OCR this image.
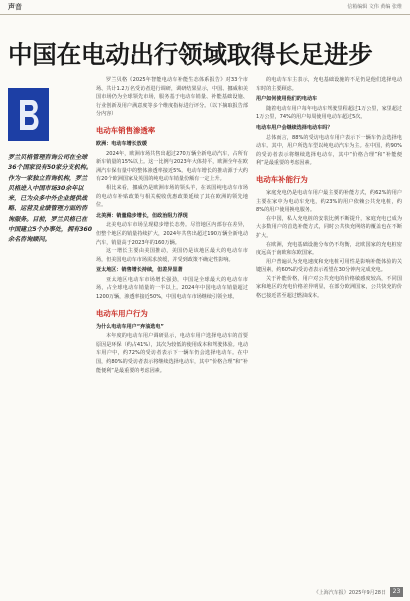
声音	信箱编辑 文伟 黄编 张维
中国在电动出行领域取得长足进步
罗兰贝格管理咨询公司在全球36个国家设有50家分支机构。作为一家独立咨询机构，罗兰贝格进入中国市场30余年以来，已为众多中外企业提供战略、运营及业绩管理方面的咨询服务。目前，罗兰贝格已在中国建立5个办事处，拥有360余名咨询顾问。

罗兰贝格《2025年智能电动车补能生态体系报告》对33个市场、共计1.2万名受访者进行调研，调研结果显示，中国、挪威和美国市场仍为全球领先市场，服务基于电动车销量、补能基础设施、行业创新及用户满意度等多个维度指标进行评分。（以下摘取报告部分内容）

电动车销售渗透率
欧洲：电动车增长放缓

2024年，欧洲市场共售出超过270万辆全新电动汽车，占所有新车销量的15%以上。这一比例与2023年大体持平，欧洲全年在欧洲汽车保有量中的整体渗透率接近5%。电动车增长的推动源于大约有20个欧洲国家及英国的纯电动车销量份额有一定上升。

相比来看，挪威仍是欧洲市场的领头羊，在该国纯电动车市场的电动车补贴政策与相关税收优惠政策延续了其在欧洲的领先地位。

北美洲：销量稳步增长，但政治阻力浮现

北美电动车市场呈现稳步增长态势。尽管地区内部存在差异，但整个地区的销量持续扩大，2024年共售出超过190万辆全新电动汽车，销量高于2023年的160万辆。

这一增长主要由美国推动，美国仍是该地区最大的电动车市场，但美国电动车市场需求放缓，并受到政策不确定性影响。

亚太地区：销售增长持续，但差异显著

亚太地区电动车市场增长强劲，中国是全球最大的电动车市场，占全球电动车销量的一半以上。2024年中国电动车销量超过1200万辆，渗透率接近50%，中国电动车市场继续引领全球。

电动车用户行为
为什么电动车用户“弃油选电”

本年度的电动车用户调研显示，电动车用户选择电动车的首要原因是环保（约占41%），其次为较低的使用成本和驾驶体验。电动车用户中，约72%的受访者表示下一辆车仍会选择电动车。在中国，约80%的受访者表示将继续选择电动车，其中“价格合理”和“补能便利”是最重要的考虑因素。

的电动车车主表示，充电基础设施的不足仍是他们选择电动车时的主要顾虑。

用户如何使用他们的电动车

随着电动车用户每年电动车驾驶里程超过1万公里，家里超过1万公里，74%的用户每周使用电动车超过5次。

电动车用户会继续选择电动车吗？

总体而言，88%的受访电动车用户表示下一辆车仍会选择电动车。其中，用户所选车型以纯电动汽车为主。在中国，约90%的受访者表示将继续选择电动车，其中“价格合理”和“补能便利”是最重要的考虑因素。

电动车补能行为

家庭充电仍是电动车用户最主要的补能方式，约62%的用户主要在家中为电动车充电，约23%的用户依赖公共充电桩，约8%的用户使用换电服务。

在中国，私人充电桩的安装比例不断提升，家庭充电已成为大多数用户的首选补能方式，同时公共快充网络的覆盖也在不断扩大。

在欧洲，充电基础设施分布仍不均衡，北欧国家的充电桩密度远高于南欧和东欧国家。

用户普遍认为充电速度和充电桩可用性是影响补能体验的关键因素，约60%的受访者表示希望在30分钟内完成充电。

关于补能价格，用户对公共充电的价格敏感度较高，不同国家和地区的充电价格差异明显，在部分欧洲国家，公共快充的价格已接近甚至超过燃油成本。

《上海汽车报》2025年9月28日	23
